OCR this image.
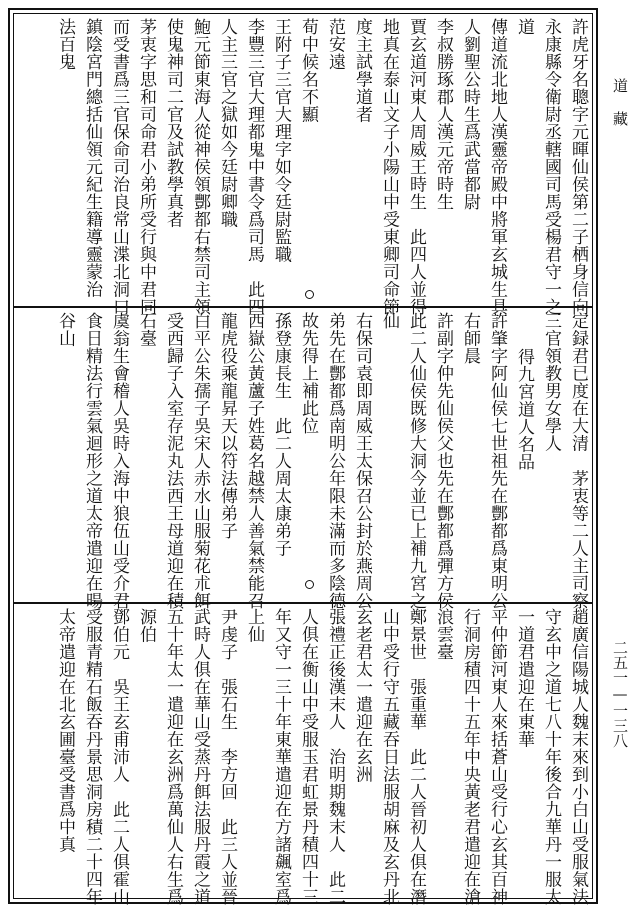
道藏
二五一—一三八
許虎牙名聰字元暉仙侯第二子栖身信向
永康縣令衛尉丞轄國司馬受楊君守一之
道
傳道流北地人漢靈帝殿中將軍玄城生具
人劉聖公時生爲武當都尉
李叔勝琢郡人漢元帝時生
賈玄道河東人周威王時生　此四人並得
地真在泰山文子小陽山中受東卿司命節
度主試學道者
范安遠
荀中候名不顯
王附子三官大理字如令廷尉監職
李豐三官大理都鬼中書令爲司馬　此四
人主三官之獄如今廷尉卿職
鮑元節東海人從神侯領酆都右禁司主領
使鬼神司二官及試教學真者
茅衷字思和司命君小弟所受行與中君同
而受書爲三官保命司治良常山渫北洞口
鎮陰宮門總括仙領元紀生籍導靈蒙治
法百鬼
定録君已度在大清　茅衷等二人主司察
三官領教男女學人
得九宮道人名品
許肇字阿仙侯七世祖先在酆都爲東明公
右師晨
許副字仲先仙侯父也先在酆都爲彈方侯
此二人仙侯既修大洞今並已上補九宮之
仙
右保司袁即周威王太保召公封於燕周公
弟先在酆都爲南明公年限未滿而多陰德
故先得上補此位
孫登康長生　此二人周太康弟子
西嶽公黃蘆子姓葛名越禁人善氣禁能召
龍虎役乘龍昇天以符法傳弟子
白平公朱孺子吳宋人赤水山服菊花朮餌
受西歸子入室存泥丸法西王母道迎在積
石臺
虞翁生會稽人吳時入海中狼伍山受介君
食日精法行雲氣迴形之道太帝遣迎在暘
谷山
趙廣信陽城人魏末來到小白山受服氣法
守玄中之道七八十年後合九華丹一服太
一道君遣迎在東華
平仲節河東人來括蒼山受行心玄其百神
行洞房積四十五年中央黃老君遣迎在滄
浪雲臺
鄭景世　張重華　此二人晉初人俱在潛
山中受行守五藏吞日法服胡麻及玄丹北
玄老君太一遣迎在玄洲
張禮正後漢末人　治明期魏末人　此二
人俱在衡山中受服玉君虹景丹積四十三
年又守一三十年東華遣迎在方諸飆室爲
上仙
尹虔子　張石生　李方回　此三人並晉
武時人俱在華山受蒸丹餌法服丹霞之道
五十年太一遣迎在玄洲爲萬仙人右生爲
源伯
鄧伯元　吳王玄甫沛人　此二人俱霍山
受服青精石飯吞丹景思洞房積二十四年
太帝遣迎在北玄圃臺受書爲中真
